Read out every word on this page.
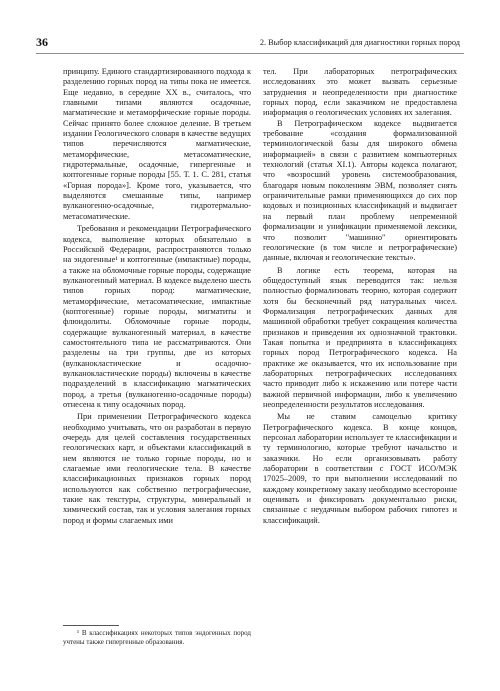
36	2. Выбор классификаций для диагностики горных пород

принципу. Единого стандартизированного подхода к разделению горных пород на типы пока не имеется. Еще недавно, в середине XX в., считалось, что главными типами являются осадочные, магматические и метаморфические горные породы. Сейчас принято более сложное деление. В третьем издании Геологического словаря в качестве ведущих типов перечисляются магматические, метаморфические, метасоматические, гидротермальные, осадочные, гипергенные и коптогенные горные породы [55. Т. 1. С. 281, статья «Горная порода»]. Кроме того, указывается, что выделяются смешанные типы, например вулканогенно-осадочные, гидротермально-метасоматические.

Требования и рекомендации Петрографического кодекса, выполнение которых обязательно в Российской Федерации, распространяются только на эндогенные¹ и коптогенные (импактные) породы, а также на обломочные горные породы, содержащие вулканогенный материал. В кодексе выделено шесть типов горных пород: магматические, метаморфические, метасоматические, импактные (коптогенные) горные породы, мигматиты и флюидолиты. Обломочные горные породы, содержащие вулканогенный материал, в качестве самостоятельного типа не рассматриваются. Они разделены на три группы, две из которых (вулканокластические и осадочно-вулканокластические породы) включены в качестве подразделений в классификацию магматических пород, а третья (вулканогенно-осадочные породы) отнесена к типу осадочных пород.

При применении Петрографического кодекса необходимо учитывать, что он разработан в первую очередь для целей составления государственных геологических карт, и объектами классификаций в нем являются не только горные породы, но и слагаемые ими геологические тела. В качестве классификационных признаков горных пород используются как собственно петрографические, такие как текстуры, структуры, минеральный и химический состав, так и условия залегания горных пород и формы слагаемых ими

тел. При лабораторных петрографических исследованиях это может вызвать серьезные затруднения и неопределенности при диагностике горных пород, если заказчиком не предоставлена информация о геологических условиях их залегания.

В Петрографическом кодексе выдвигается требование «создания формализованной терминологической базы для широкого обмена информацией» в связи с развитием компьютерных технологий (статья XI.1). Авторы кодекса полагают, что «возросший уровень системообразования, благодаря новым поколениям ЭВМ, позволяет снять ограничительные рамки применяющихся до сих пор кодовых и позиционных классификаций и выдвигает на первый план проблему непременной формализации и унификации применяемой лексики, что позволит "машинно" ориентировать геологические (в том числе и петрографические) данные, включая и геологические тексты».

В логике есть теорема, которая на общедоступный язык переводится так: нельзя полностью формализовать теорию, которая содержит хотя бы бесконечный ряд натуральных чисел. Формализация петрографических данных для машинной обработки требует сокращения количества признаков и приведения их однозначной трактовки. Такая попытка и предпринята в классификациях горных пород Петрографического кодекса. На практике же оказывается, что их использование при лабораторных петрографических исследованиях часто приводит либо к искажению или потере части важной первичной информации, либо к увеличению неопределенности результатов исследования.

Мы не ставим самоцелью критику Петрографического кодекса. В конце концов, персонал лаборатории использует те классификации и ту терминологию, которые требуют начальство и заказчики. Но если организовывать работу лаборатории в соответствии с ГОСТ ИСО/МЭК 17025–2009, то при выполнении исследований по каждому конкретному заказу необходимо всесторонне оценивать и фиксировать документально риски, связанные с неудачным выбором рабочих гипотез и классификаций.

¹ В классификациях некоторых типов эндогенных пород учтены также гипергенные образования.
